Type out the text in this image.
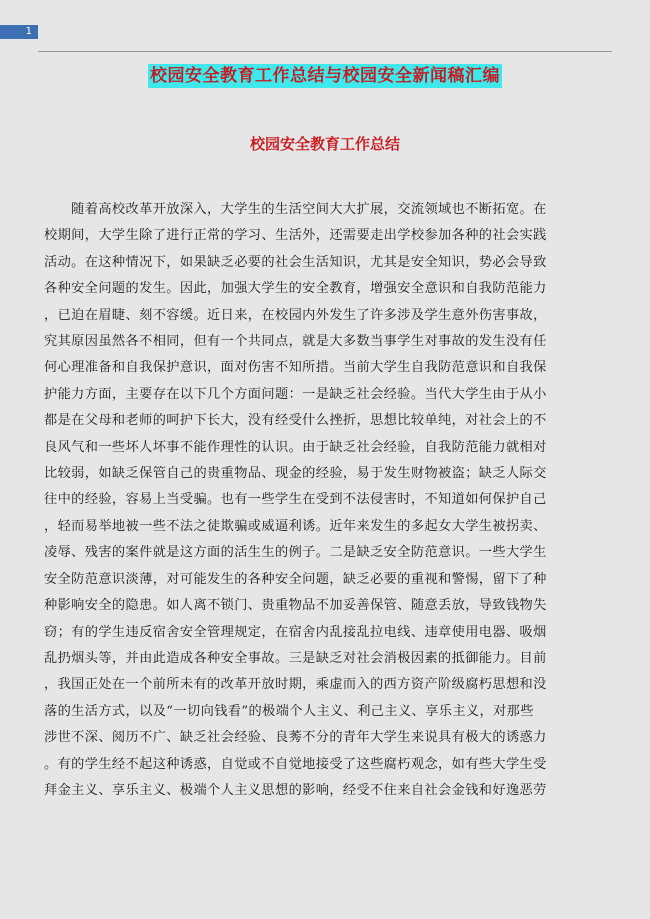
1
校园安全教育工作总结与校园安全新闻稿汇编
校园安全教育工作总结
　　随着高校改革开放深入，大学生的生活空间大大扩展，交流领域也不断拓宽。在
校期间，大学生除了进行正常的学习、生活外，还需要走出学校参加各种的社会实践
活动。在这种情况下，如果缺乏必要的社会生活知识，尤其是安全知识，势必会导致
各种安全问题的发生。因此，加强大学生的安全教育，增强安全意识和自我防范能力
，已迫在眉睫、刻不容缓。近日来，在校园内外发生了许多涉及学生意外伤害事故，
究其原因虽然各不相同，但有一个共同点，就是大多数当事学生对事故的发生没有任
何心理准备和自我保护意识，面对伤害不知所措。当前大学生自我防范意识和自我保
护能力方面，主要存在以下几个方面问题：一是缺乏社会经验。当代大学生由于从小
都是在父母和老师的呵护下长大，没有经受什么挫折，思想比较单纯，对社会上的不
良风气和一些坏人坏事不能作理性的认识。由于缺乏社会经验，自我防范能力就相对
比较弱，如缺乏保管自己的贵重物品、现金的经验，易于发生财物被盗；缺乏人际交
往中的经验，容易上当受骗。也有一些学生在受到不法侵害时，不知道如何保护自己
，轻而易举地被一些不法之徒欺骗或威逼利诱。近年来发生的多起女大学生被拐卖、
凌辱、残害的案件就是这方面的活生生的例子。二是缺乏安全防范意识。一些大学生
安全防范意识淡薄，对可能发生的各种安全问题，缺乏必要的重视和警惕，留下了种
种影响安全的隐患。如人离不锁门、贵重物品不加妥善保管、随意丢放，导致钱物失
窃；有的学生违反宿舍安全管理规定，在宿舍内乱接乱拉电线、违章使用电器、吸烟
乱扔烟头等，并由此造成各种安全事故。三是缺乏对社会消极因素的抵御能力。目前
，我国正处在一个前所未有的改革开放时期，乘虚而入的西方资产阶级腐朽思想和没
落的生活方式，以及“一切向钱看”的极端个人主义、利己主义、享乐主义，对那些
涉世不深、阅历不广、缺乏社会经验、良莠不分的青年大学生来说具有极大的诱惑力
。有的学生经不起这种诱惑，自觉或不自觉地接受了这些腐朽观念，如有些大学生受
拜金主义、享乐主义、极端个人主义思想的影响，经受不住来自社会金钱和好逸恶劳
